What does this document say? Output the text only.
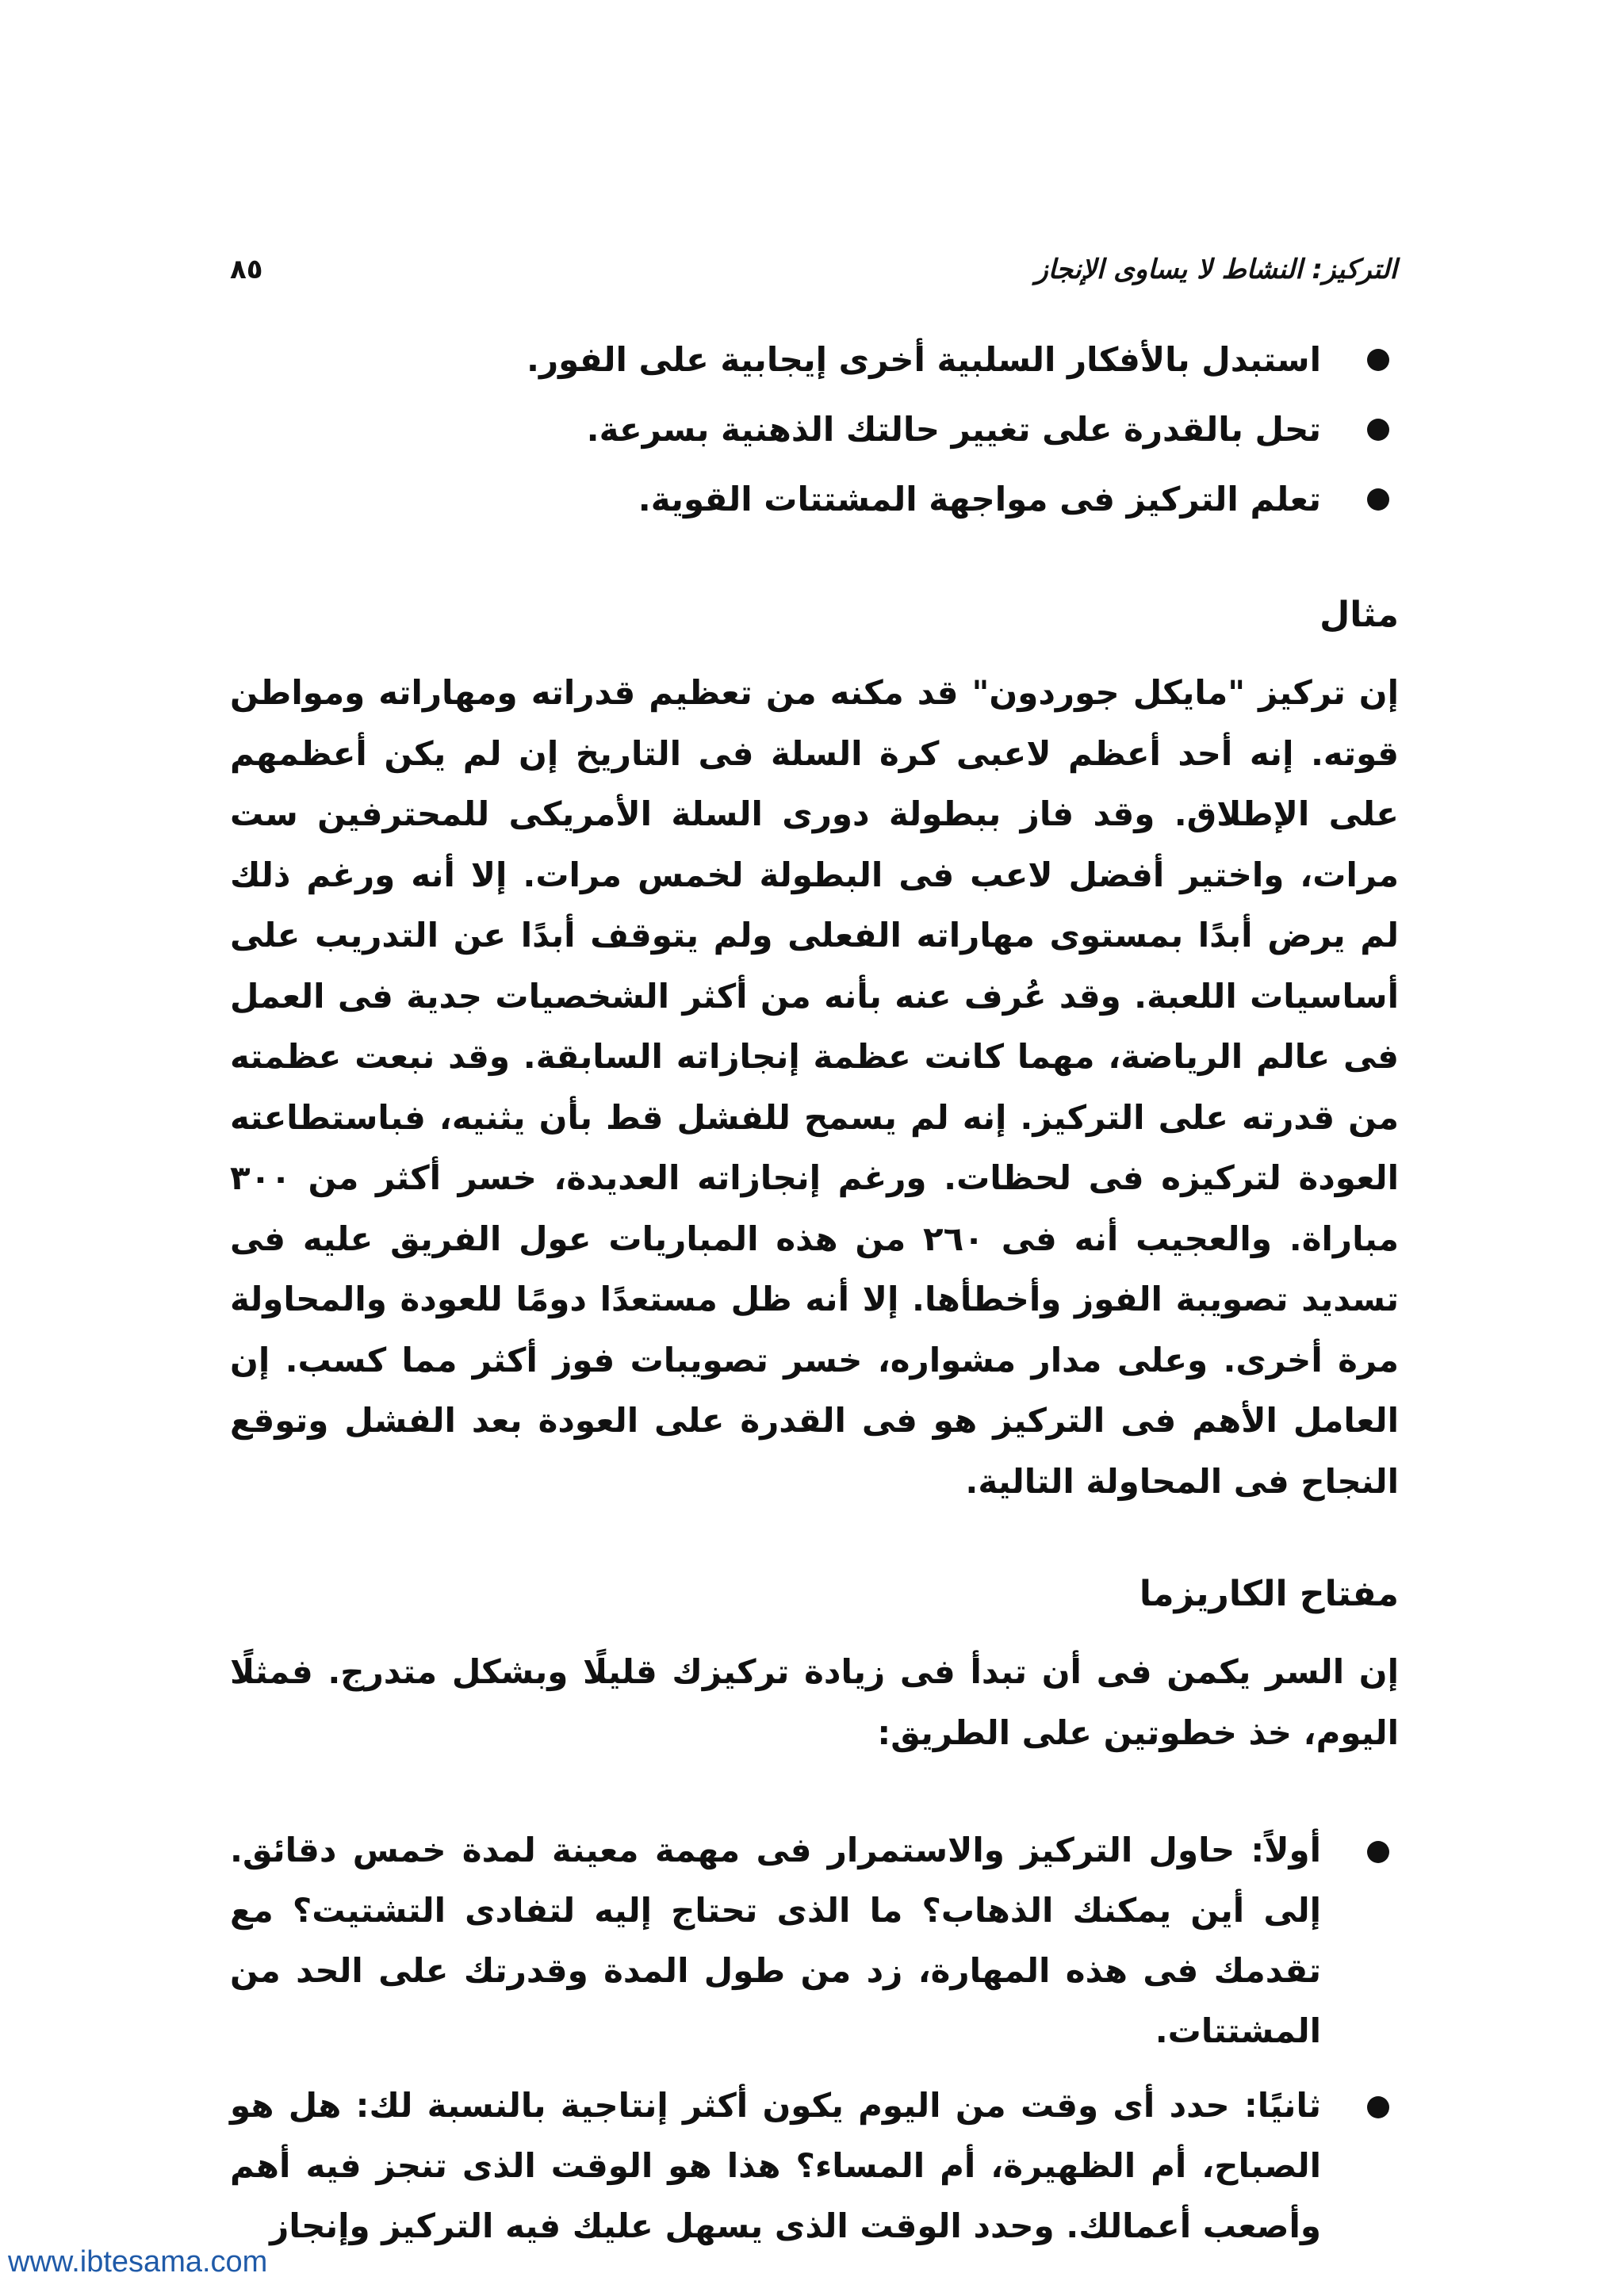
التركيز: النشاط لا يساوى الإنجاز
٨٥
استبدل بالأفكار السلبية أخرى إيجابية على الفور.
تحل بالقدرة على تغيير حالتك الذهنية بسرعة.
تعلم التركيز فى مواجهة المشتتات القوية.
مثال

إن تركيز "مايكل جوردون" قد مكنه من تعظيم قدراته ومهاراته ومواطن قوته. إنه أحد أعظم لاعبى كرة السلة فى التاريخ إن لم يكن أعظمهم على الإطلاق. وقد فاز ببطولة دورى السلة الأمريكى للمحترفين ست مرات، واختير أفضل لاعب فى البطولة لخمس مرات. إلا أنه ورغم ذلك لم يرض أبدًا بمستوى مهاراته الفعلى ولم يتوقف أبدًا عن التدريب على أساسيات اللعبة. وقد عُرف عنه بأنه من أكثر الشخصيات جدية فى العمل فى عالم الرياضة، مهما كانت عظمة إنجازاته السابقة. وقد نبعت عظمته من قدرته على التركيز. إنه لم يسمح للفشل قط بأن يثنيه، فباستطاعته العودة لتركيزه فى لحظات. ورغم إنجازاته العديدة، خسر أكثر من ٣٠٠ مباراة. والعجيب أنه فى ٢٦٠ من هذه المباريات عول الفريق عليه فى تسديد تصويبة الفوز وأخطأها. إلا أنه ظل مستعدًا دومًا للعودة والمحاولة مرة أخرى. وعلى مدار مشواره، خسر تصويبات فوز أكثر مما كسب. إن العامل الأهم فى التركيز هو فى القدرة على العودة بعد الفشل وتوقع النجاح فى المحاولة التالية.

مفتاح الكاريزما

إن السر يكمن فى أن تبدأ فى زيادة تركيزك قليلًا وبشكل متدرج. فمثلًا اليوم، خذ خطوتين على الطريق:

أولاً: حاول التركيز والاستمرار فى مهمة معينة لمدة خمس دقائق. إلى أين يمكنك الذهاب؟ ما الذى تحتاج إليه لتفادى التشتيت؟ مع تقدمك فى هذه المهارة، زد من طول المدة وقدرتك على الحد من المشتتات.
ثانيًا: حدد أى وقت من اليوم يكون أكثر إنتاجية بالنسبة لك: هل هو الصباح، أم الظهيرة، أم المساء؟ هذا هو الوقت الذى تنجز فيه أهم وأصعب أعمالك. وحدد الوقت الذى يسهل عليك فيه التركيز وإنجاز
www.ibtesama.com
